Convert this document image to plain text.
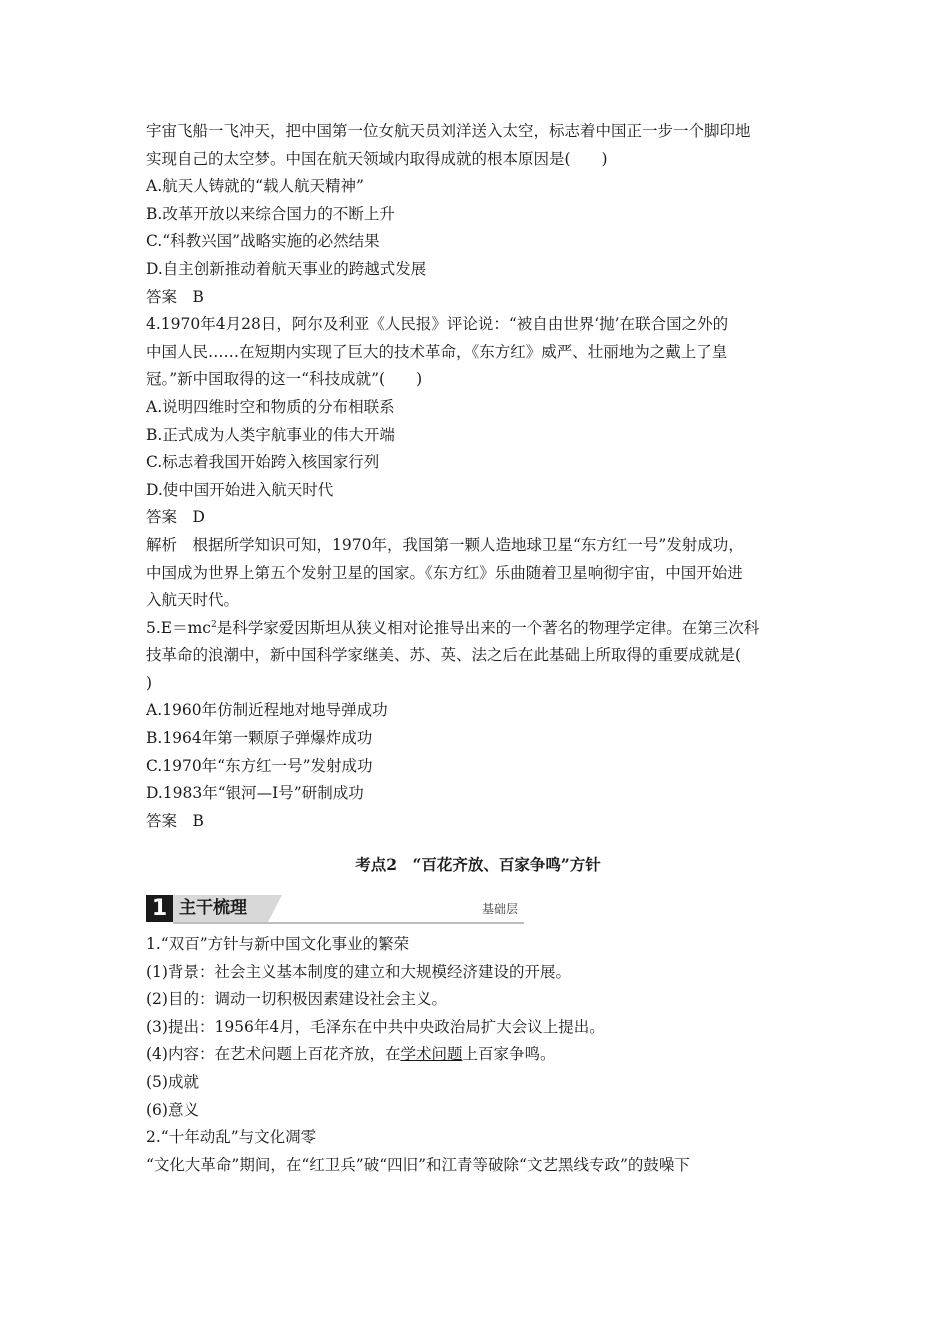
宇宙飞船一飞冲天，把中国第一位女航天员刘洋送入太空，标志着中国正一步一个脚印地
实现自己的太空梦。中国在航天领域内取得成就的根本原因是(　　)
A.航天人铸就的“载人航天精神”
B.改革开放以来综合国力的不断上升
C.“科教兴国”战略实施的必然结果
D.自主创新推动着航天事业的跨越式发展
答案　B
4.1970年4月28日，阿尔及利亚《人民报》评论说：“被自由世界‘抛’在联合国之外的
中国人民……在短期内实现了巨大的技术革命，《东方红》威严、壮丽地为之戴上了皇
冠。”新中国取得的这一“科技成就”(　　)
A.说明四维时空和物质的分布相联系
B.正式成为人类宇航事业的伟大开端
C.标志着我国开始跨入核国家行列
D.使中国开始进入航天时代
答案　D
解析　根据所学知识可知，1970年，我国第一颗人造地球卫星“东方红一号”发射成功，
中国成为世界上第五个发射卫星的国家。《东方红》乐曲随着卫星响彻宇宙，中国开始进
入航天时代。
$5.E=mc^2$是科学家爱因斯坦从狭义相对论推导出来的一个著名的物理学定律。在第三次科
技革命的浪潮中，新中国科学家继美、苏、英、法之后在此基础上所取得的重要成就是(
)
A.1960年仿制近程地对地导弹成功
B.1964年第一颗原子弹爆炸成功
C.1970年“东方红一号”发射成功
D.1983年“银河—Ⅰ号”研制成功
答案　B
考点2　“百花齐放、百家争鸣”方针
1 主干梳理	基础层
1.“双百”方针与新中国文化事业的繁荣
(1)背景：社会主义基本制度的建立和大规模经济建设的开展。
(2)目的：调动一切积极因素建设社会主义。
(3)提出：1956年4月，毛泽东在中共中央政治局扩大会议上提出。
(4)内容：在艺术问题上百花齐放，在学术问题上百家争鸣。
(5)成就
(6)意义
2.“十年动乱”与文化凋零
“文化大革命”期间，在“红卫兵”破“四旧”和江青等破除“文艺黑线专政”的鼓噪下
